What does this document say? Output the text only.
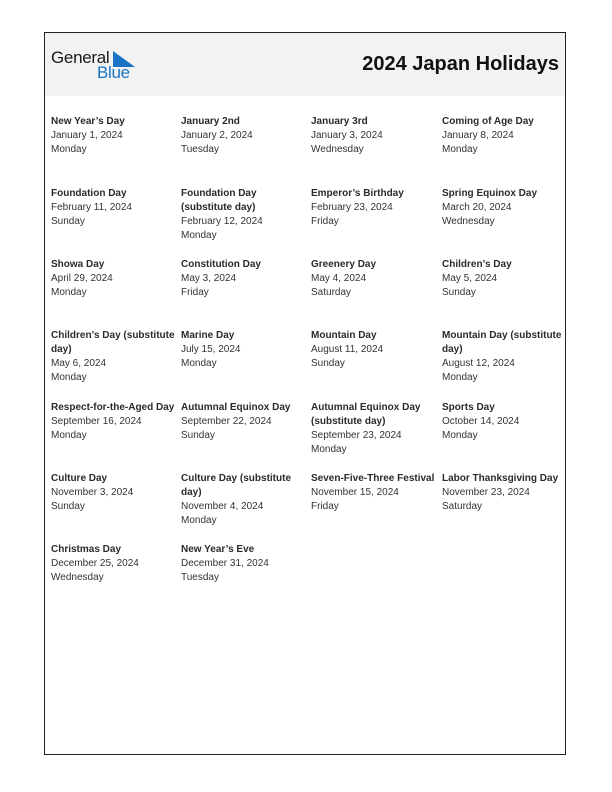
General
Blue	2024 Japan Holidays
New Year’s Day
January 1, 2024
Monday
January 2nd
January 2, 2024
Tuesday
January 3rd
January 3, 2024
Wednesday
Coming of Age Day
January 8, 2024
Monday
Foundation Day
February 11, 2024
Sunday
Foundation Day (substitute day)
February 12, 2024
Monday
Emperor’s Birthday
February 23, 2024
Friday
Spring Equinox Day
March 20, 2024
Wednesday
Showa Day
April 29, 2024
Monday
Constitution Day
May 3, 2024
Friday
Greenery Day
May 4, 2024
Saturday
Children’s Day
May 5, 2024
Sunday
Children’s Day (substitute day)
May 6, 2024
Monday
Marine Day
July 15, 2024
Monday
Mountain Day
August 11, 2024
Sunday
Mountain Day (substitute day)
August 12, 2024
Monday
Respect-for-the-Aged Day
September 16, 2024
Monday
Autumnal Equinox Day
September 22, 2024
Sunday
Autumnal Equinox Day (substitute day)
September 23, 2024
Monday
Sports Day
October 14, 2024
Monday
Culture Day
November 3, 2024
Sunday
Culture Day (substitute day)
November 4, 2024
Monday
Seven-Five-Three Festival
November 15, 2024
Friday
Labor Thanksgiving Day
November 23, 2024
Saturday
Christmas Day
December 25, 2024
Wednesday
New Year’s Eve
December 31, 2024
Tuesday
